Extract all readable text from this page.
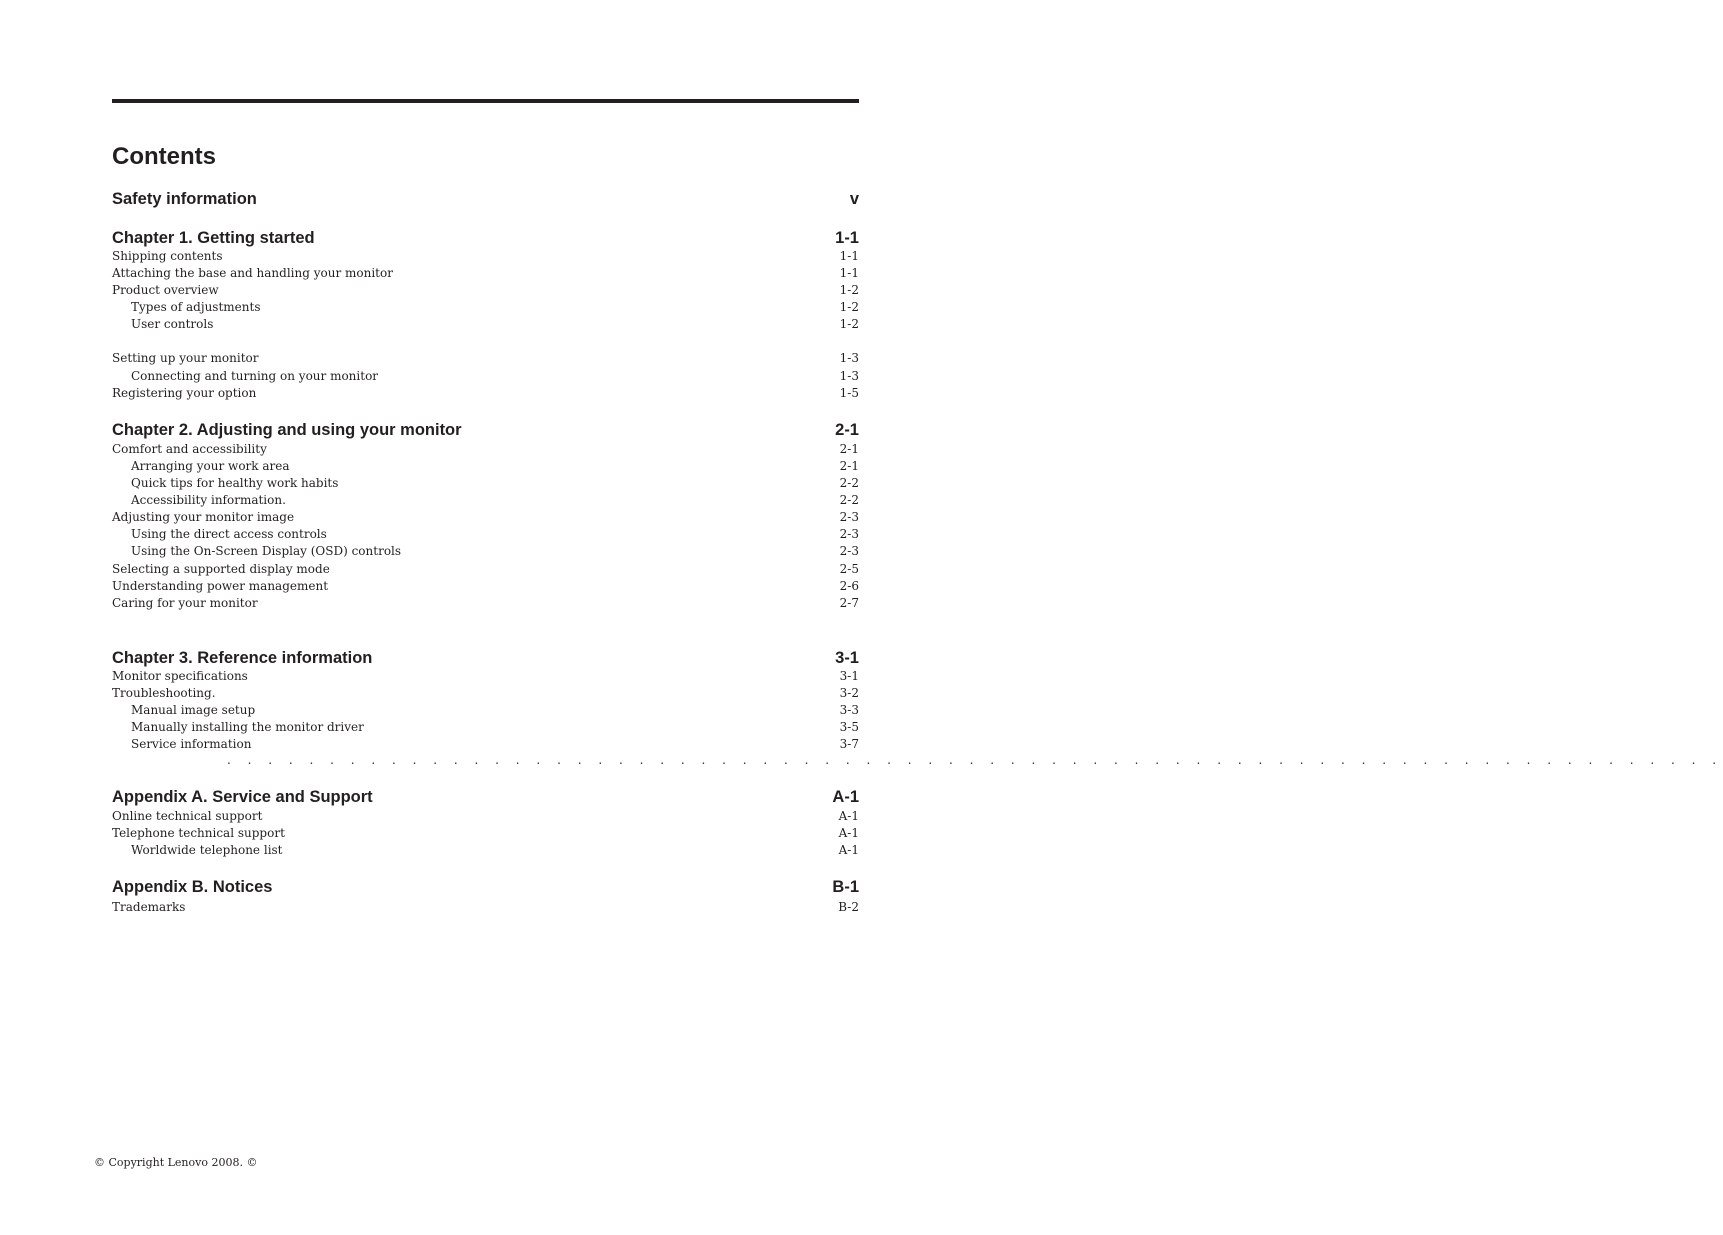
Contents
Safety information	v
Chapter 1. Getting started	1-1
Shipping contents	1-1
Attaching the base and handling your monitor	1-1
Product overview	1-2
Types of adjustments	1-2
User controls	1-2
Setting up your monitor	1-3
Connecting and turning on your monitor	1-3
Registering your option	1-5
Chapter 2. Adjusting and using your monitor	2-1
Comfort and accessibility	2-1
Arranging your work area	2-1
Quick tips for healthy work habits	2-2
Accessibility information.	2-2
Adjusting your monitor image	2-3
Using the direct access controls	2-3
Using the On-Screen Display (OSD) controls	2-3
Selecting a supported display mode	2-5
Understanding power management	2-6
Caring for your monitor	2-7
Chapter 3. Reference information	3-1
Monitor specifications	3-1
Troubleshooting.	3-2
Manual image setup	3-3
Manually installing the monitor driver	3-5
Service information	3-7
Appendix A. Service and Support	A-1
Online technical support	A-1
Telephone technical support	A-1
Worldwide telephone list	A-1
Appendix B. Notices	B-1
Trademarks	B-2
. . . . . . . . . . . . . . . . . . . . . . . . . . . . . . . . . . . . . . . . . . . . . . . . . . . . . . . . . . . . . . . . . . . . . . . . .
© Copyright Lenovo 2008. ©
